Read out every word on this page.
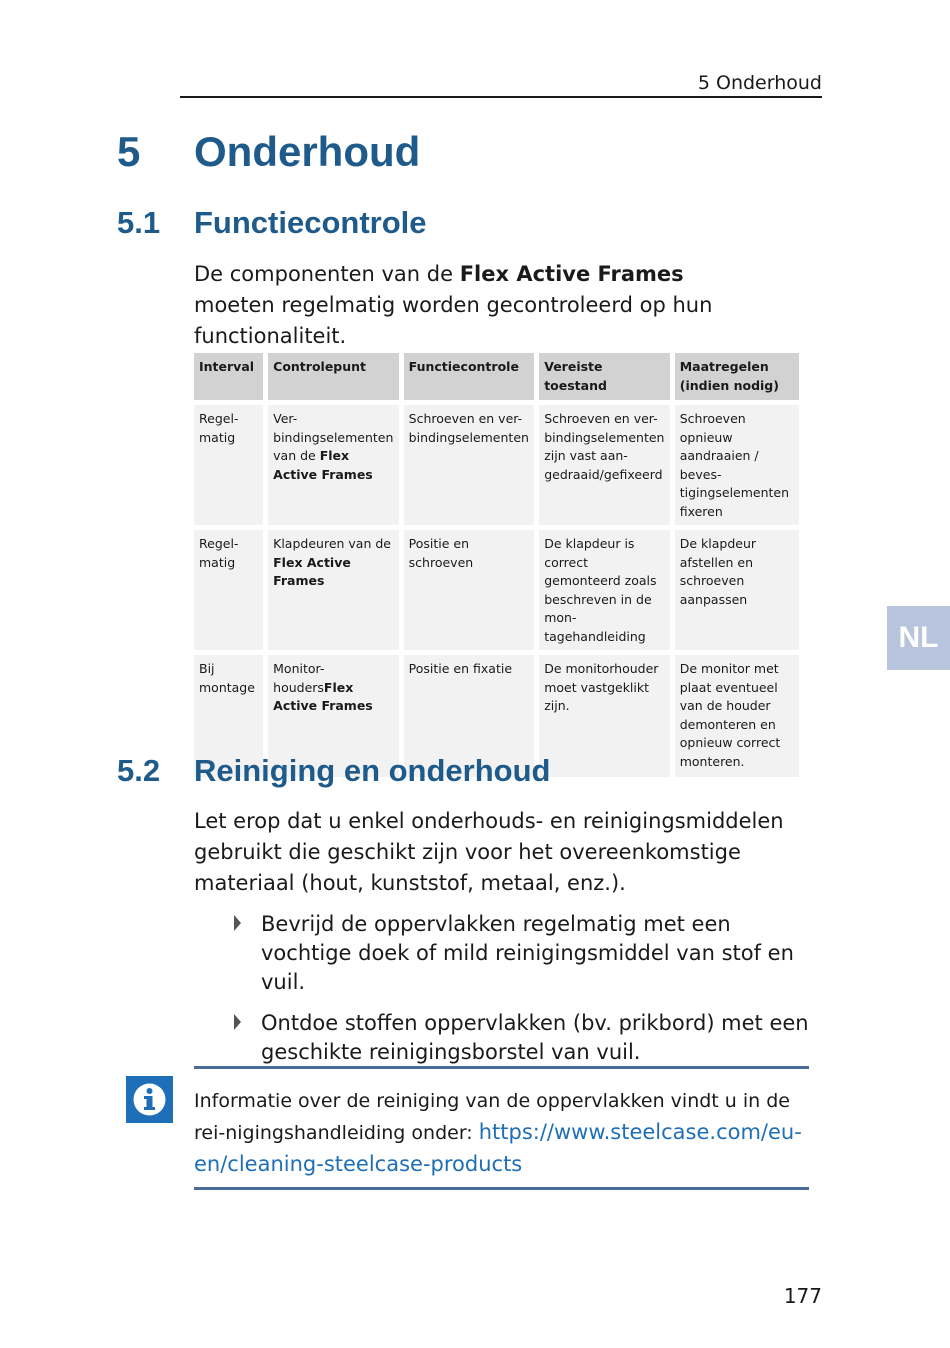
5 Onderhoud
5 Onderhoud
5.1 Functiecontrole
De componenten van de Flex Active Frames moeten regelmatig worden gecontroleerd op hun functionaliteit.
Interval	Controlepunt	Functiecontrole	Vereiste toestand	Maatregelen (indien nodig)
Regel-matig	Ver-bindingselementen van de Flex Active Frames	Schroeven en ver-bindingselementen	Schroeven en ver-bindingselementen zijn vast aan-gedraaid/gefixeerd	Schroeven opnieuw aandraaien / beves-tigingselementen fixeren
Regel-matig	Klapdeuren van de Flex Active Frames	Positie en schroeven	De klapdeur is correct gemonteerd zoals beschreven in de mon-tagehandleiding	De klapdeur afstellen en schroeven aanpassen
Bij montage	Monitor-houdersFlex Active Frames	Positie en fixatie	De monitorhouder moet vastgeklikt zijn.	De monitor met plaat eventueel van de houder demonteren en opnieuw correct monteren.
NL
5.2 Reiniging en onderhoud
Let erop dat u enkel onderhouds- en reinigingsmiddelen gebruikt die geschikt zijn voor het overeenkomstige materiaal (hout, kunststof, metaal, enz.).
Bevrijd de oppervlakken regelmatig met een vochtige doek of mild reinigingsmiddel van stof en vuil.
Ontdoe stoffen oppervlakken (bv. prikbord) met een geschikte reinigingsborstel van vuil.
Informatie over de reiniging van de oppervlakken vindt u in de rei-nigingshandleiding onder: https://www.steelcase.com/eu-en/cleaning-steelcase-products
177
